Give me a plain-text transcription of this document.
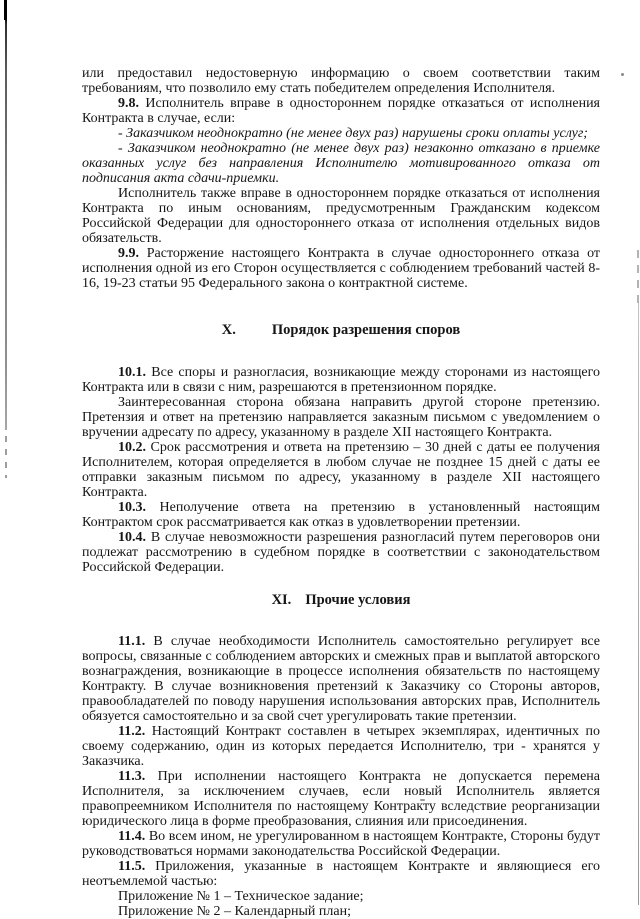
или предоставил недостоверную информацию о своем соответствии таким требованиям, что позволило ему стать победителем определения Исполнителя.

9.8. Исполнитель вправе в одностороннем порядке отказаться от исполнения Контракта в случае, если:

- Заказчиком неоднократно (не менее двух раз) нарушены сроки оплаты услуг;

- Заказчиком неоднократно (не менее двух раз) незаконно отказано в приемке оказанных услуг без направления Исполнителю мотивированного отказа от подписания акта сдачи-приемки.

Исполнитель также вправе в одностороннем порядке отказаться от исполнения Контракта по иным основаниям, предусмотренным Гражданским кодексом Российской Федерации для одностороннего отказа от исполнения отдельных видов обязательств.

9.9. Расторжение настоящего Контракта в случае одностороннего отказа от исполнения одной из его Сторон осуществляется с соблюдением требований частей 8-16, 19-23 статьи 95 Федерального закона о контрактной системе.

X. Порядок разрешения споров

10.1. Все споры и разногласия, возникающие между сторонами из настоящего Контракта или в связи с ним, разрешаются в претензионном порядке.

Заинтересованная сторона обязана направить другой стороне претензию. Претензия и ответ на претензию направляется заказным письмом с уведомлением о вручении адресату по адресу, указанному в разделе XII настоящего Контракта.

10.2. Срок рассмотрения и ответа на претензию – 30 дней с даты ее получения Исполнителем, которая определяется в любом случае не позднее 15 дней с даты ее отправки заказным письмом по адресу, указанному в разделе XII настоящего Контракта.

10.3. Неполучение ответа на претензию в установленный настоящим Контрактом срок рассматривается как отказ в удовлетворении претензии.

10.4. В случае невозможности разрешения разногласий путем переговоров они подлежат рассмотрению в судебном порядке в соответствии с законодательством Российской Федерации.

XI. Прочие условия

11.1. В случае необходимости Исполнитель самостоятельно регулирует все вопросы, связанные с соблюдением авторских и смежных прав и выплатой авторского вознаграждения, возникающие в процессе исполнения обязательств по настоящему Контракту. В случае возникновения претензий к Заказчику со Стороны авторов, правообладателей по поводу нарушения использования авторских прав, Исполнитель обязуется самостоятельно и за свой счет урегулировать такие претензии.

11.2. Настоящий Контракт составлен в четырех экземплярах, идентичных по своему содержанию, один из которых передается Исполнителю, три - хранятся у Заказчика.

11.3. При исполнении настоящего Контракта не допускается перемена Исполнителя, за исключением случаев, если новый Исполнитель является правопреемником Исполнителя по настоящему Контракту вследствие реорганизации юридического лица в форме преобразования, слияния или присоединения.

11.4. Во всем ином, не урегулированном в настоящем Контракте, Стороны будут руководствоваться нормами законодательства Российской Федерации.

11.5. Приложения, указанные в настоящем Контракте и являющиеся его неотъемлемой частью:

Приложение № 1 – Техническое задание;

Приложение № 2 – Календарный план;
